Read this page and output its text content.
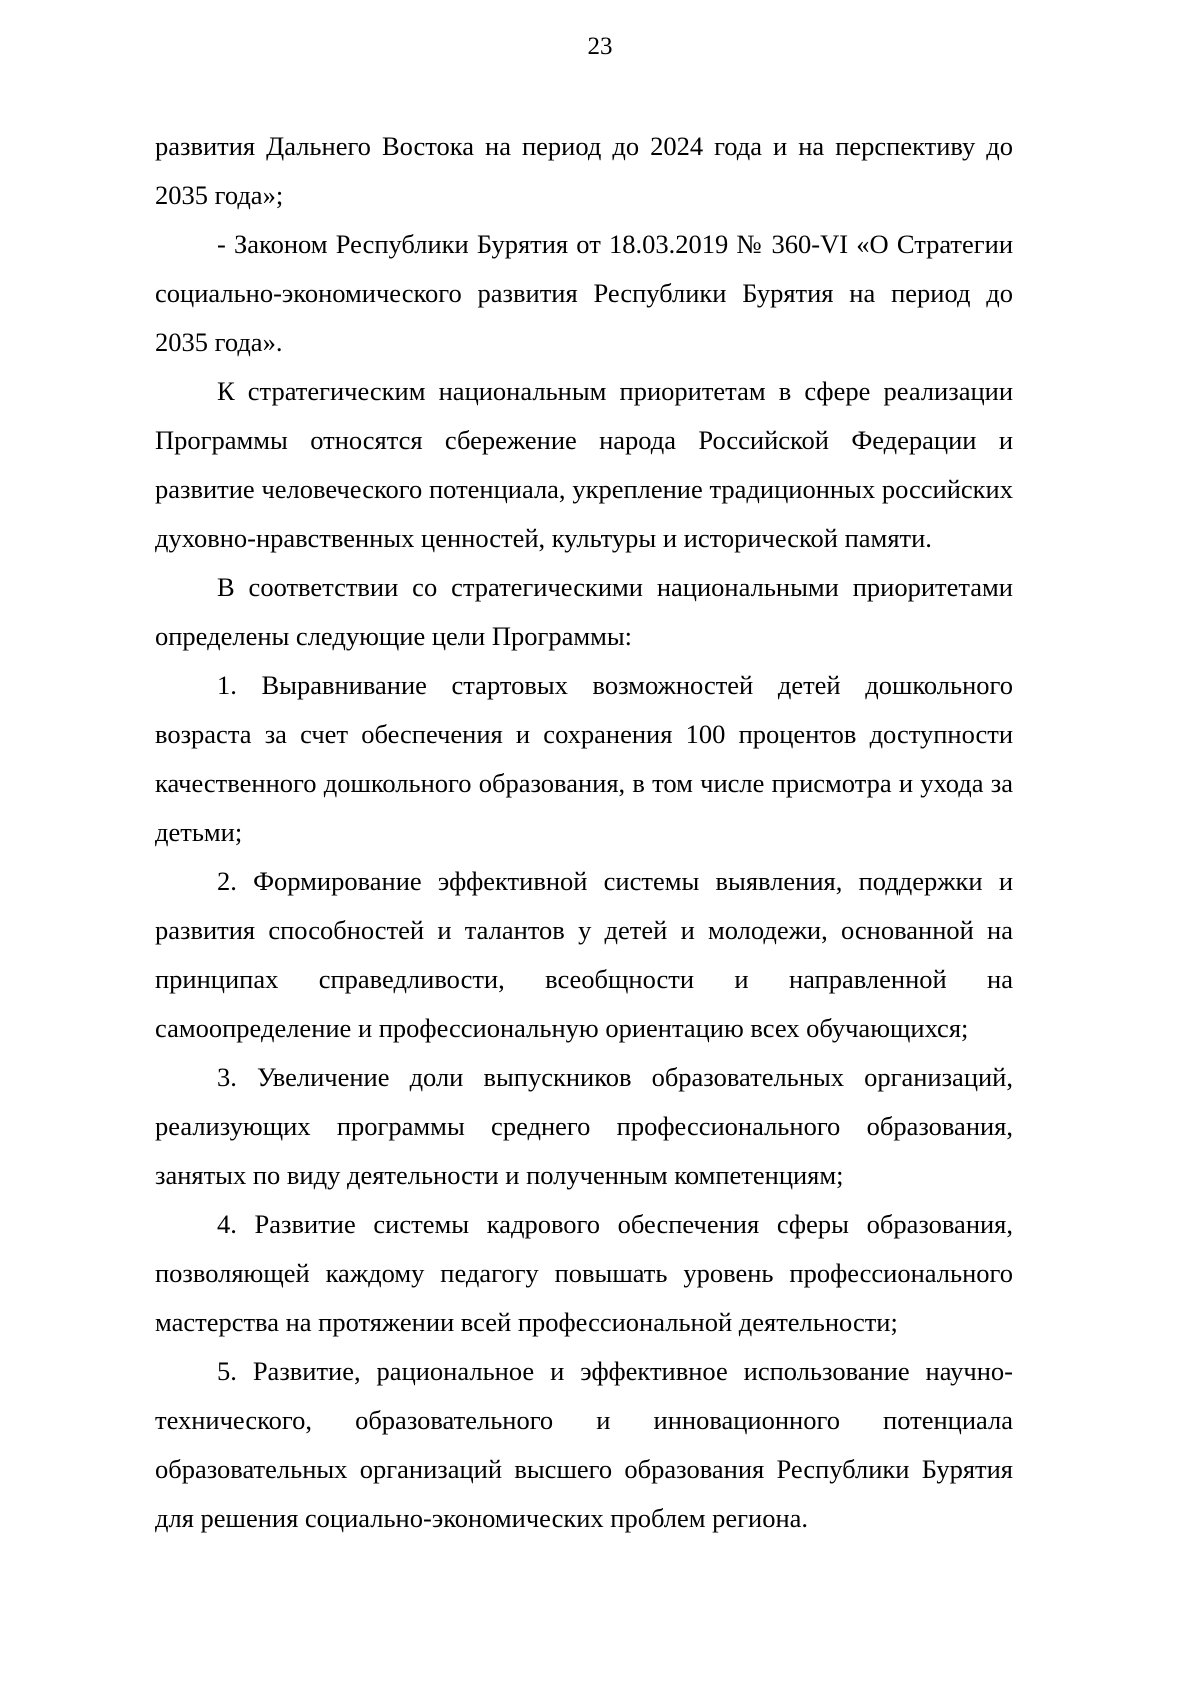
23

развития Дальнего Востока на период до 2024 года и на перспективу до 2035 года»;

- Законом Республики Бурятия от 18.03.2019 № 360-VI «О Стратегии социально-экономического развития Республики Бурятия на период до 2035 года».

К стратегическим национальным приоритетам в сфере реализации Программы относятся сбережение народа Российской Федерации и развитие человеческого потенциала, укрепление традиционных российских духовно-нравственных ценностей, культуры и исторической памяти.

В соответствии со стратегическими национальными приоритетами определены следующие цели Программы:

1. Выравнивание стартовых возможностей детей дошкольного возраста за счет обеспечения и сохранения 100 процентов доступности качественного дошкольного образования, в том числе присмотра и ухода за детьми;

2. Формирование эффективной системы выявления, поддержки и развития способностей и талантов у детей и молодежи, основанной на принципах справедливости, всеобщности и направленной на самоопределение и профессиональную ориентацию всех обучающихся;

3. Увеличение доли выпускников образовательных организаций, реализующих программы среднего профессионального образования, занятых по виду деятельности и полученным компетенциям;

4. Развитие системы кадрового обеспечения сферы образования, позволяющей каждому педагогу повышать уровень профессионального мастерства на протяжении всей профессиональной деятельности;

5. Развитие, рациональное и эффективное использование научно-технического, образовательного и инновационного потенциала образовательных организаций высшего образования Республики Бурятия для решения социально-экономических проблем региона.
